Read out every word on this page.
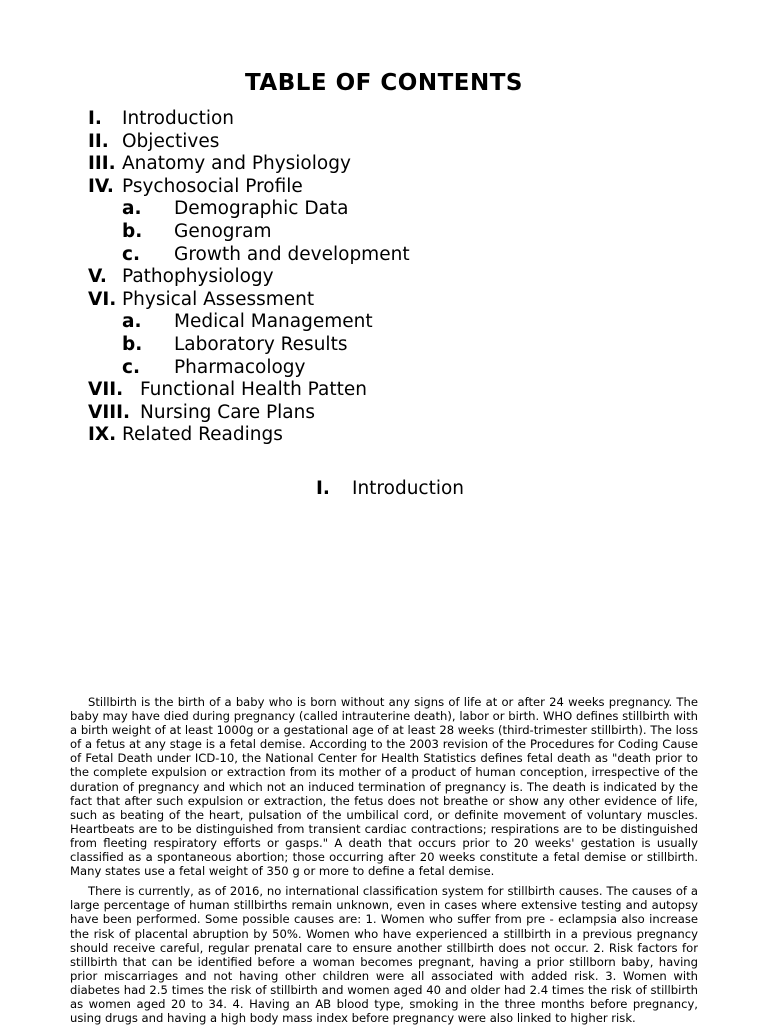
TABLE OF CONTENTS
I. Introduction
II. Objectives
III. Anatomy and Physiology
IV. Psychosocial Profile
a. Demographic Data
b. Genogram
c. Growth and development
V. Pathophysiology
VI. Physical Assessment
a. Medical Management
b. Laboratory Results
c. Pharmacology
VII. Functional Health Patten
VIII. Nursing Care Plans
IX. Related Readings
I. Introduction

Stillbirth is the birth of a baby who is born without any signs of life at or after 24 weeks pregnancy. The baby may have died during pregnancy (called intrauterine death), labor or birth. WHO defines stillbirth with a birth weight of at least 1000g or a gestational age of at least 28 weeks (third-trimester stillbirth). The loss of a fetus at any stage is a fetal demise. According to the 2003 revision of the Procedures for Coding Cause of Fetal Death under ICD-10, the National Center for Health Statistics defines fetal death as "death prior to the complete expulsion or extraction from its mother of a product of human conception, irrespective of the duration of pregnancy and which not an induced termination of pregnancy is. The death is indicated by the fact that after such expulsion or extraction, the fetus does not breathe or show any other evidence of life, such as beating of the heart, pulsation of the umbilical cord, or definite movement of voluntary muscles. Heartbeats are to be distinguished from transient cardiac contractions; respirations are to be distinguished from fleeting respiratory efforts or gasps." A death that occurs prior to 20 weeks' gestation is usually classified as a spontaneous abortion; those occurring after 20 weeks constitute a fetal demise or stillbirth. Many states use a fetal weight of 350 g or more to define a fetal demise.

There is currently, as of 2016, no international classification system for stillbirth causes. The causes of a large percentage of human stillbirths remain unknown, even in cases where extensive testing and autopsy have been performed. Some possible causes are: 1. Women who suffer from pre - eclampsia also increase the risk of placental abruption by 50%. Women who have experienced a stillbirth in a previous pregnancy should receive careful, regular prenatal care to ensure another stillbirth does not occur. 2. Risk factors for stillbirth that can be identified before a woman becomes pregnant, having a prior stillborn baby, having prior miscarriages and not having other children were all associated with added risk. 3. Women with diabetes had 2.5 times the risk of stillbirth and women aged 40 and older had 2.4 times the risk of stillbirth as women aged 20 to 34. 4. Having an AB blood type, smoking in the three months before pregnancy, using drugs and having a high body mass index before pregnancy were also linked to higher risk.
